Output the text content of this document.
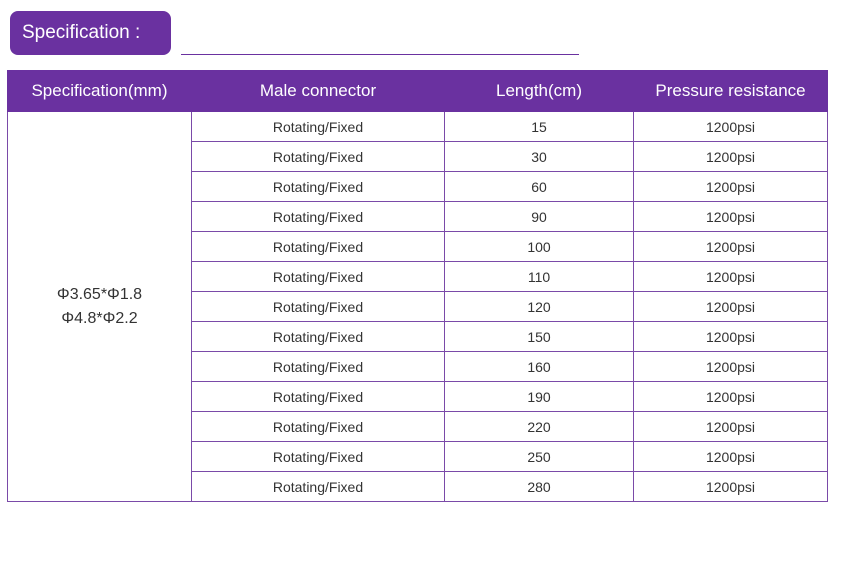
Specification :
Specification(mm)	Male connector	Length(cm)	Pressure resistance

Φ3.65*Φ1.8
Φ4.8*Φ2.2	Rotating/Fixed	15	1200psi
	Rotating/Fixed	30	1200psi
	Rotating/Fixed	60	1200psi
	Rotating/Fixed	90	1200psi
	Rotating/Fixed	100	1200psi
	Rotating/Fixed	110	1200psi
	Rotating/Fixed	120	1200psi
	Rotating/Fixed	150	1200psi
	Rotating/Fixed	160	1200psi
	Rotating/Fixed	190	1200psi
	Rotating/Fixed	220	1200psi
	Rotating/Fixed	250	1200psi
	Rotating/Fixed	280	1200psi
